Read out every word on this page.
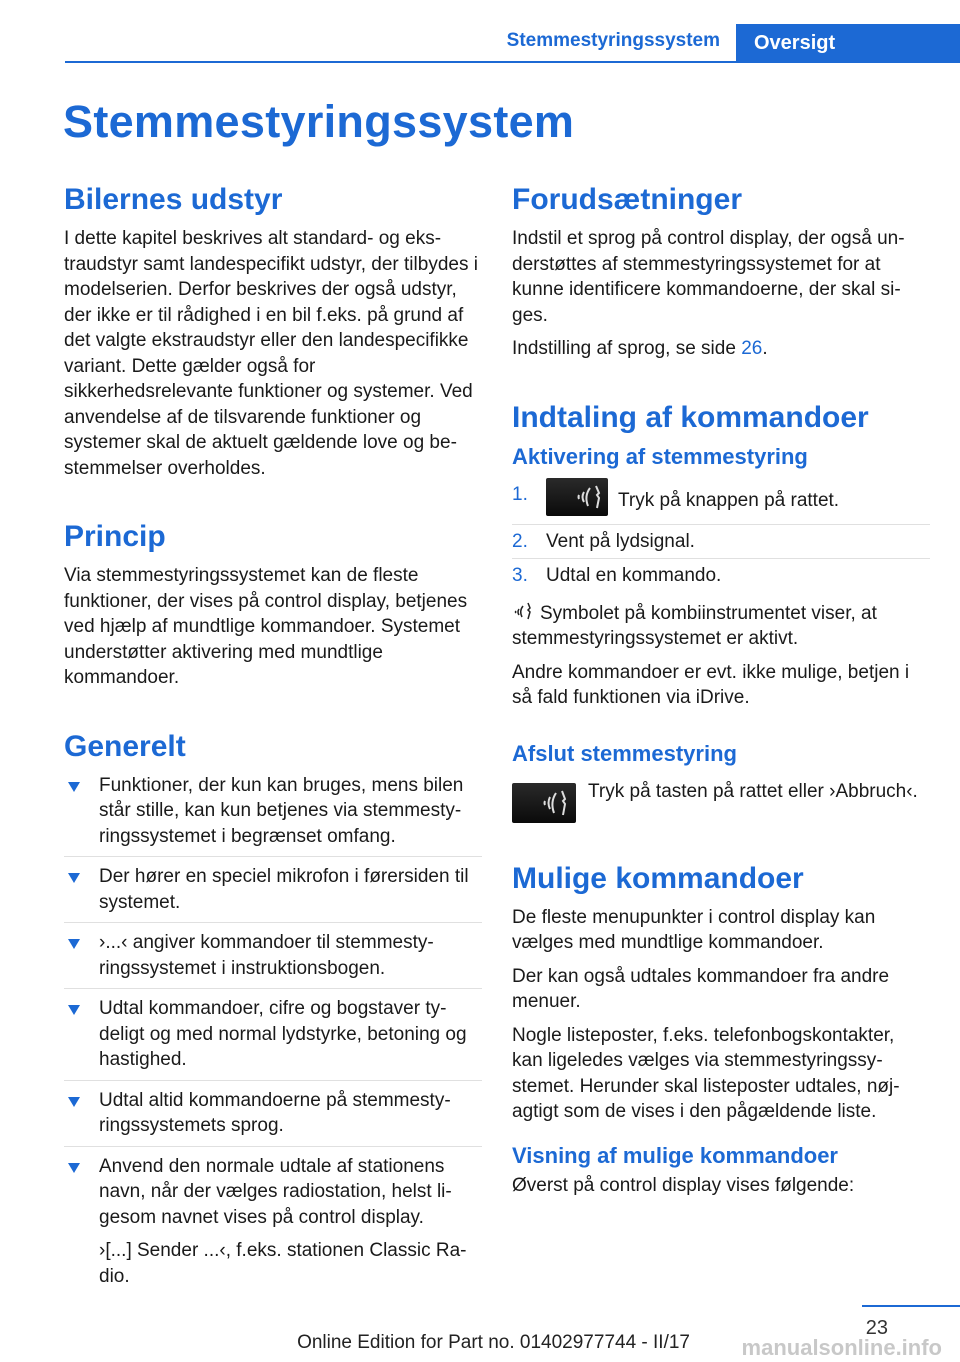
Stemmestyringssystem	Oversigt
Stemmestyringssystem
Bilernes udstyr

I dette kapitel beskrives alt standard- og ekstraudstyr samt landespecifikt udstyr, der tilbydes i modelserien. Derfor beskrives der også udstyr, der ikke er til rådighed i en bil f.eks. på grund af det valgte ekstraudstyr eller den landespecifikke variant. Dette gælder også for sikkerhedsrelevante funktioner og systemer. Ved anvendelse af de tilsvarende funktioner og systemer skal de aktuelt gældende love og bestemmelser overholdes.

Princip

Via stemmestyringssystemet kan de fleste funktioner, der vises på control display, betjenes ved hjælp af mundtlige kommandoer. Systemet understøtter aktivering med mundtlige kommandoer.

Generelt
Funktioner, der kun kan bruges, mens bilen står stille, kan kun betjenes via stemmestyringssystemet i begrænset omfang.
Der hører en speciel mikrofon i førersiden til systemet.
›...‹ angiver kommandoer til stemmestyringssystemet i instruktionsbogen.
Udtal kommandoer, cifre og bogstaver tydeligt og med normal lydstyrke, betoning og hastighed.
Udtal altid kommandoerne på stemmestyringssystemets sprog.
Anvend den normale udtale af stationens navn, når der vælges radiostation, helst ligesom navnet vises på control display.
›[...] Sender ...‹, f.eks. stationen Classic Radio.
Forudsætninger

Indstil et sprog på control display, der også understøttes af stemmestyringssystemet for at kunne identificere kommandoerne, der skal siges.

Indstilling af sprog, se side 26.

Indtaling af kommandoer
Aktivering af stemmestyring
1.	Tryk på knappen på rattet.
2. Vent på lydsignal.
3. Udtal en kommando.

Symbolet på kombiinstrumentet viser, at stemmestyringssystemet er aktivt.

Andre kommandoer er evt. ikke mulige, betjen i så fald funktionen via iDrive.

Afslut stemmestyring

Tryk på tasten på rattet eller ›Abbruch‹.

Mulige kommandoer

De fleste menupunkter i control display kan vælges med mundtlige kommandoer.

Der kan også udtales kommandoer fra andre menuer.

Nogle listeposter, f.eks. telefonbogskontakter, kan ligeledes vælges via stemmestyringssystemet. Herunder skal listeposter udtales, nøjagtigt som de vises i den pågældende liste.

Visning af mulige kommandoer

Øverst på control display vises følgende:

23
Online Edition for Part no. 01402977744 - II/17 manualsonline.info
